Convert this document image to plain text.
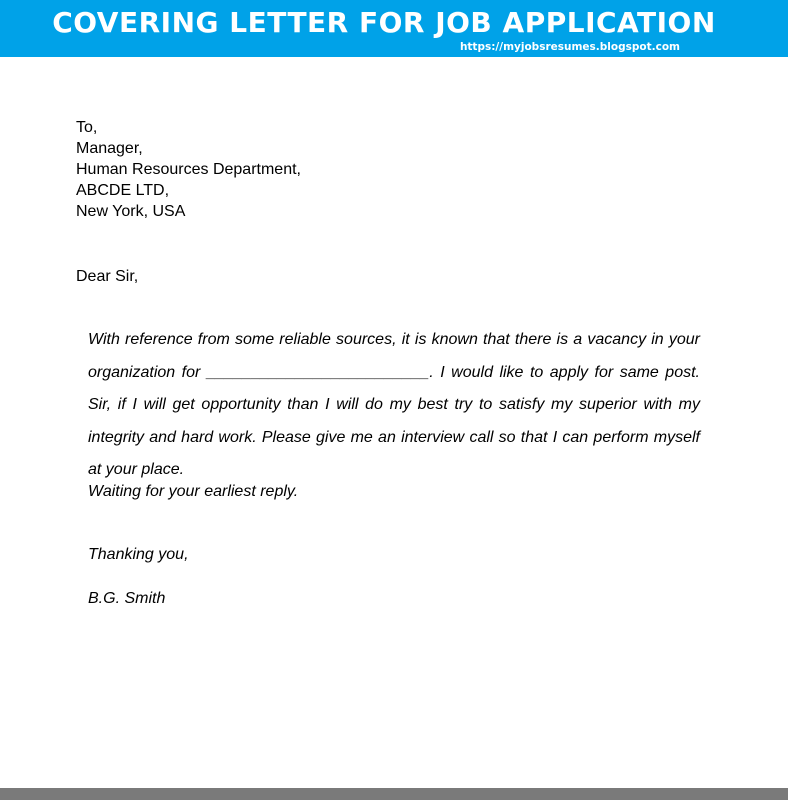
COVERING LETTER FOR JOB APPLICATION
https://myjobsresumes.blogspot.com
To,
Manager,
Human Resources Department,
ABCDE LTD,
New York, USA
Dear Sir,

With reference from some reliable sources, it is known that there is a vacancy in your organization for _________________________. I would like to apply for same post. Sir, if I will get opportunity than I will do my best try to satisfy my superior with my integrity and hard work. Please give me an interview call so that I can perform myself at your place.

Waiting for your earliest reply.
Thanking you,
B.G. Smith
